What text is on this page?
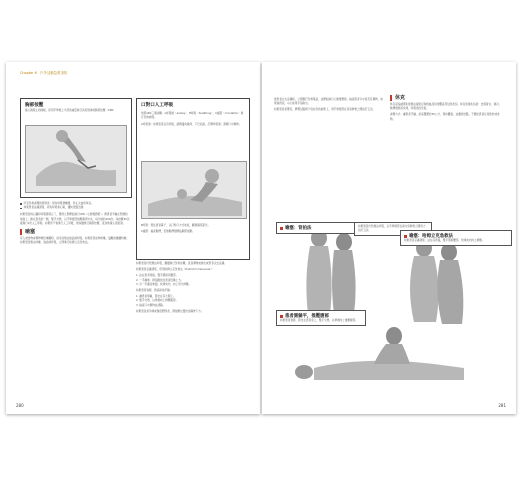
Chapter 6　戶外活動急救須知
胸部按壓
當心跳停止的時候，使用手掌根上半部的重量進行具有規律的胸部按壓（CPR）
口對口人工呼吸

依照ABC三個步驟：A呼吸道（airway）、B呼吸（breathing）、C循環（circulation）進行急救處理。

A呼吸道：如果患者沒有呼吸，請將頭向後仰、下巴抬高，打開呼吸道；清理口中異物。

B呼吸：捏住患者鼻子，以口對口方式吹氣，觀察胸部起伏。

C循環：檢查脈搏，若無脈搏則開始胸部按壓。

所有急救處理的原則為：保持呼吸道暢通、防止失血和休克。
如果患者意識清楚，尚有呼吸和心跳，儘快送醫治療。

如果患者的心臟和呼吸都停止了，應該立即開始進行CPR（心肺復甦術）。將患者平躺在堅硬的地面上，跪在患者的一側，雙手交疊，以手掌根部按壓胸部中央，每分鐘約100次；每按壓30次後進行2次人工呼吸。如果你不會進行人工呼吸，則持續進行胸部按壓，直到救援人員抵達。

嗆塞

有人被食物或異物哽住喉嚨時，他可能無法說話或呼吸。如果患者能夠咳嗽，鼓勵他繼續咳嗽；如果患者無法咳嗽、說話或呼吸，立即進行哈姆立克急救法。

如果患者仍然無法呼吸，繼續進行急救步驟，直到異物被排出或患者失去意識。

如果患者意識清楚，使用哈姆立克急救法（Heimlich maneuver）：

1. 站在患者背後，雙手環抱其腰部。

2. 一手握拳，拇指側放在患者肚臍上方。

3. 另一手握住拳頭，快速向內、向上用力擠壓。

如果患者昏厥，則協助他平躺：

1. 讓患者仰躺，跨坐在其大腿上。

2. 雙手交疊，以掌根向上擠壓腹部。

3. 檢查口中異物並清除。

如果患者是孕婦或過度肥胖者，將按壓位置改為胸骨下方。

280

當患者失去意識時，立即撥打急救電話，並開始進行心肺復甦術。檢查患者口中是否有異物，如果看得到，小心地用手指取出。

如果患者是嬰兒，將嬰兒臉朝下放在你的前臂上，用手掌根部在其肩胛骨之間拍打五次。

休克

休克是指循環系統無法提供足夠的血液到身體各部位的狀況。休克的徵兆包括：皮膚蒼白、濕冷，脈搏微弱而快速，呼吸淺而急促。

處理方式：讓患者平躺，抬高雙腿約30公分，保持體溫，並儘快送醫。不要給患者任何飲料或食物。

嗆塞：背拍法	如果患者仍然無法呼吸，以手掌根部在兩片肩胛骨之間用力拍打五次。
嗆塞：哈姆立克急救法
如果患者意識清楚，站在其背後，雙手環抱腰部，快速向內向上擠壓。
患者側躺平，推壓腹部
如果患者昏厥，跨坐在患者身上，雙手交疊，以掌根向上推壓腹部。
281
